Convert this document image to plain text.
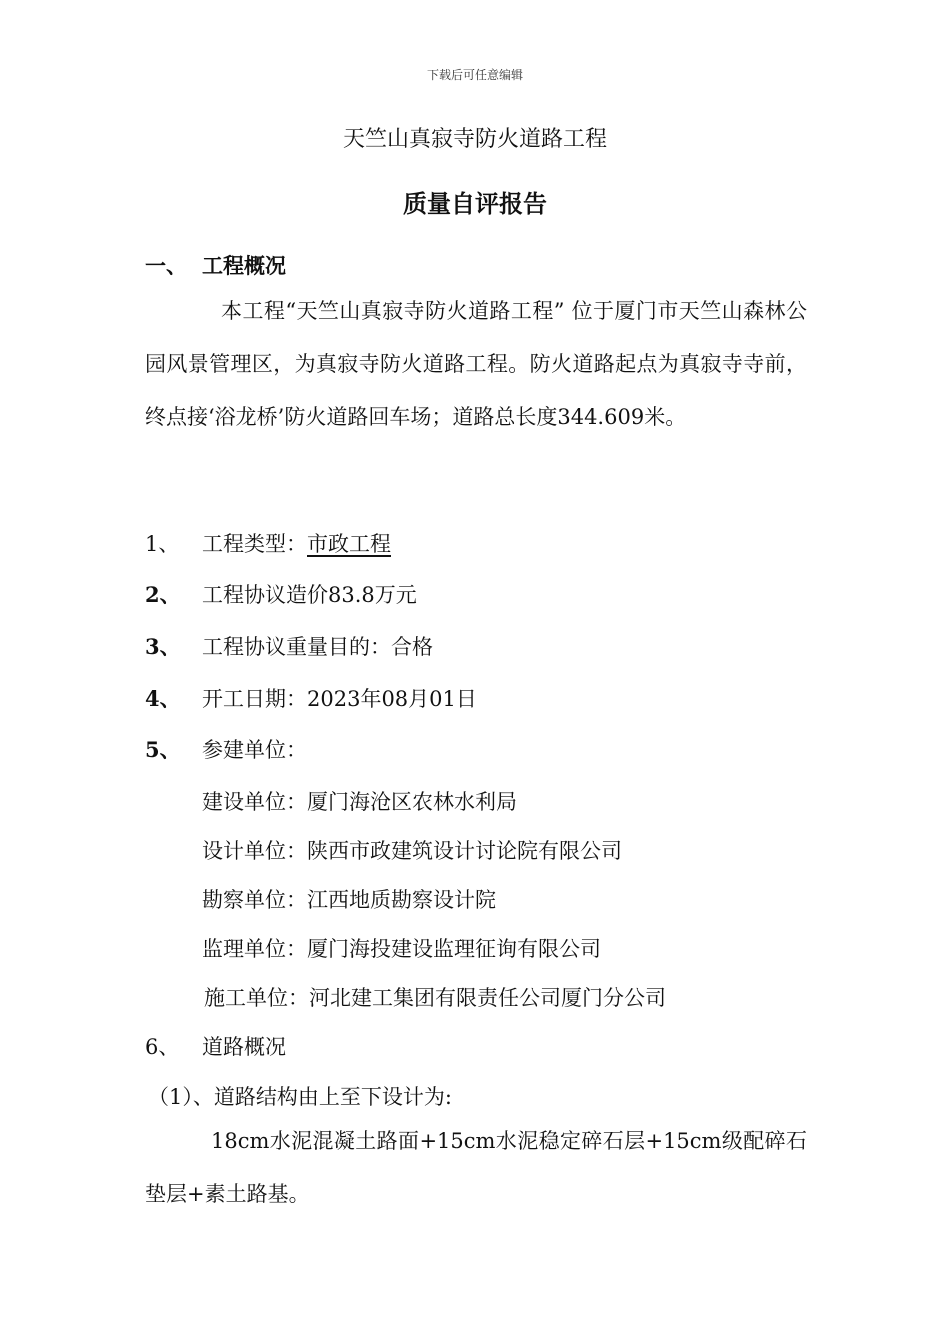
下载后可任意编辑
天竺山真寂寺防火道路工程
质量自评报告
一、 工程概况
本工程“天竺山真寂寺防火道路工程” 位于厦门市天竺山森林公园风景管理区，为真寂寺防火道路工程。防火道路起点为真寂寺寺前，终点接‘浴龙桥’防火道路回车场；道路总长度344.609米。
1、 工程类型：市政工程
2、 工程协议造价83.8万元
3、 工程协议重量目的：合格
4、 开工日期：2023年08月01日
5、 参建单位：
建设单位：厦门海沧区农林水利局
设计单位：陕西市政建筑设计讨论院有限公司
勘察单位：江西地质勘察设计院
监理单位：厦门海投建设监理征询有限公司
施工单位：河北建工集团有限责任公司厦门分公司
6、 道路概况
（1）、道路结构由上至下设计为:
18cm水泥混凝土路面+15cm水泥稳定碎石层+15cm级配碎石垫层+素土路基。
